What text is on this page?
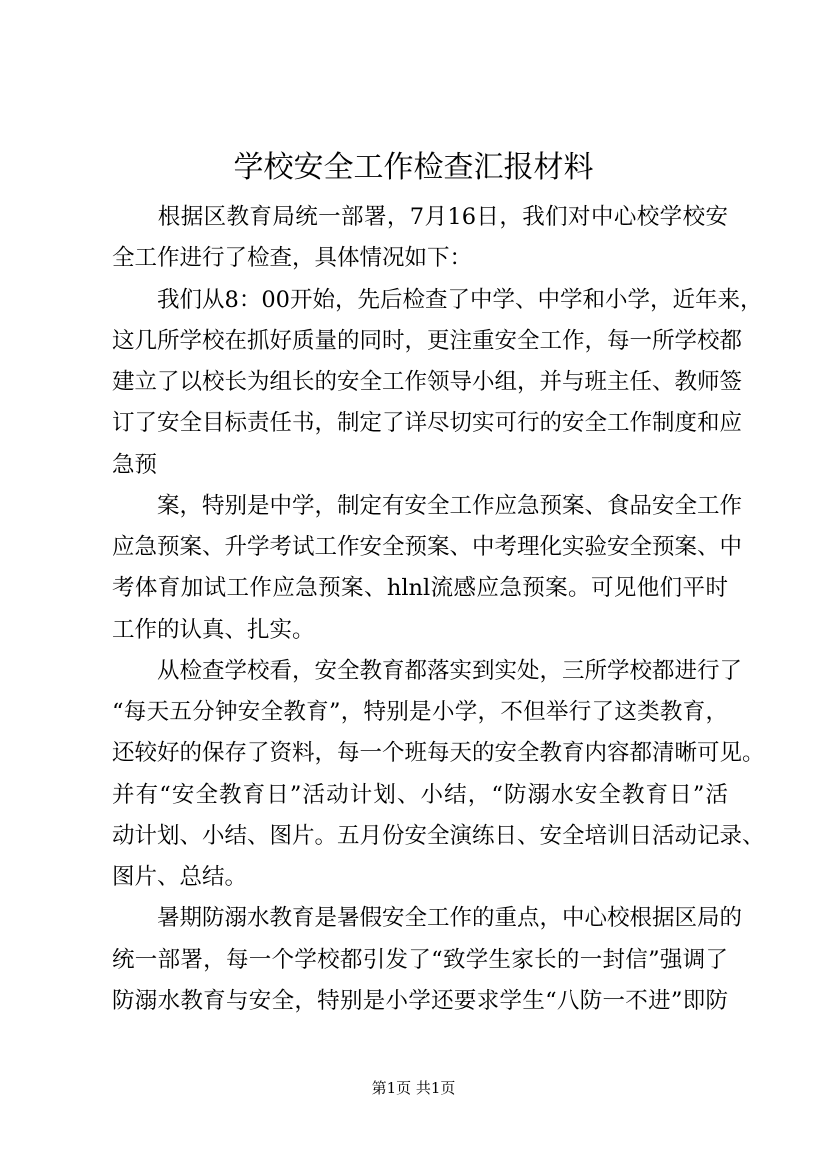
学校安全工作检查汇报材料
　　根据区教育局统一部署，7月16日，我们对中心校学校安
全工作进行了检查，具体情况如下：
　　我们从8：00开始，先后检查了中学、中学和小学，近年来，
这几所学校在抓好质量的同时，更注重安全工作，每一所学校都
建立了以校长为组长的安全工作领导小组，并与班主任、教师签
订了安全目标责任书，制定了详尽切实可行的安全工作制度和应
急预
　　案，特别是中学，制定有安全工作应急预案、食品安全工作
应急预案、升学考试工作安全预案、中考理化实验安全预案、中
考体育加试工作应急预案、hlnl流感应急预案。可见他们平时
工作的认真、扎实。
　　从检查学校看，安全教育都落实到实处，三所学校都进行了
“每天五分钟安全教育”，特别是小学，不但举行了这类教育，
还较好的保存了资料，每一个班每天的安全教育内容都清晰可见。
并有“安全教育日”活动计划、小结，“防溺水安全教育日”活
动计划、小结、图片。五月份安全演练日、安全培训日活动记录、
图片、总结。
　　暑期防溺水教育是暑假安全工作的重点，中心校根据区局的
统一部署，每一个学校都引发了“致学生家长的一封信”强调了
防溺水教育与安全，特别是小学还要求学生“八防一不进”即防
第1页 共1页
